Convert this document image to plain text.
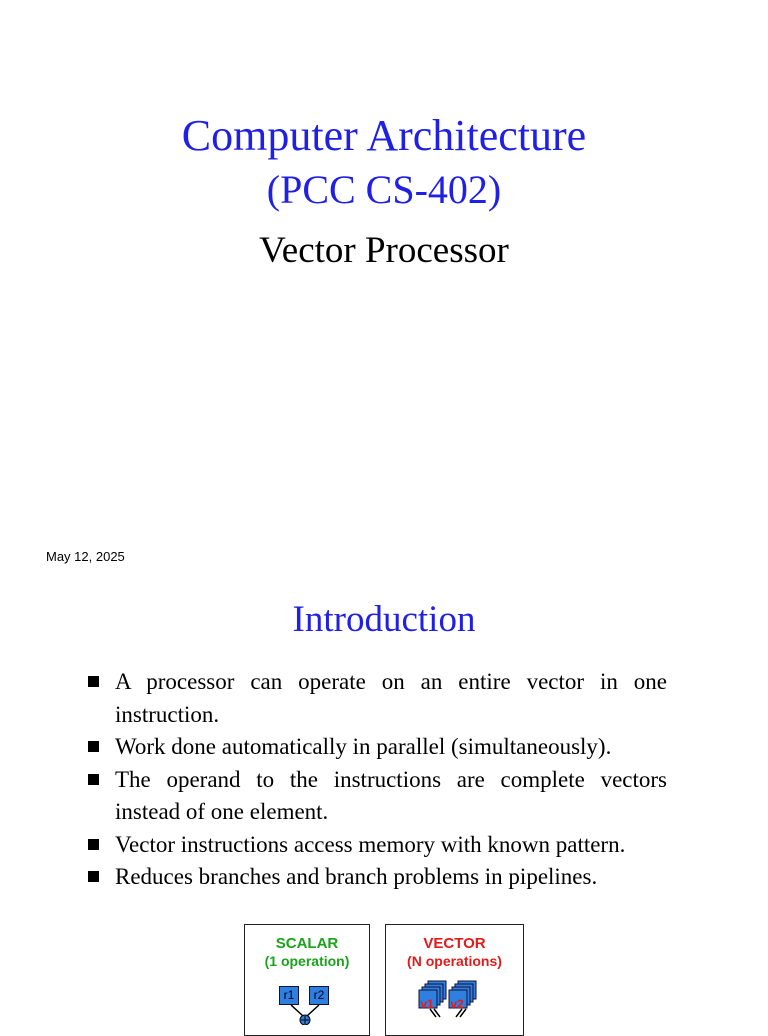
Computer Architecture
(PCC CS-402)
Vector Processor
May 12, 2025
Introduction
A processor can operate on an entire vector in one instruction.
Work done automatically in parallel (simultaneously).
The operand to the instructions are complete vectors instead of one element.
Vector instructions access memory with known pattern.
Reduces branches and branch problems in pipelines.
SCALAR
(1 operation)
r1	r2
VECTOR
(N operations)
v1 v2
